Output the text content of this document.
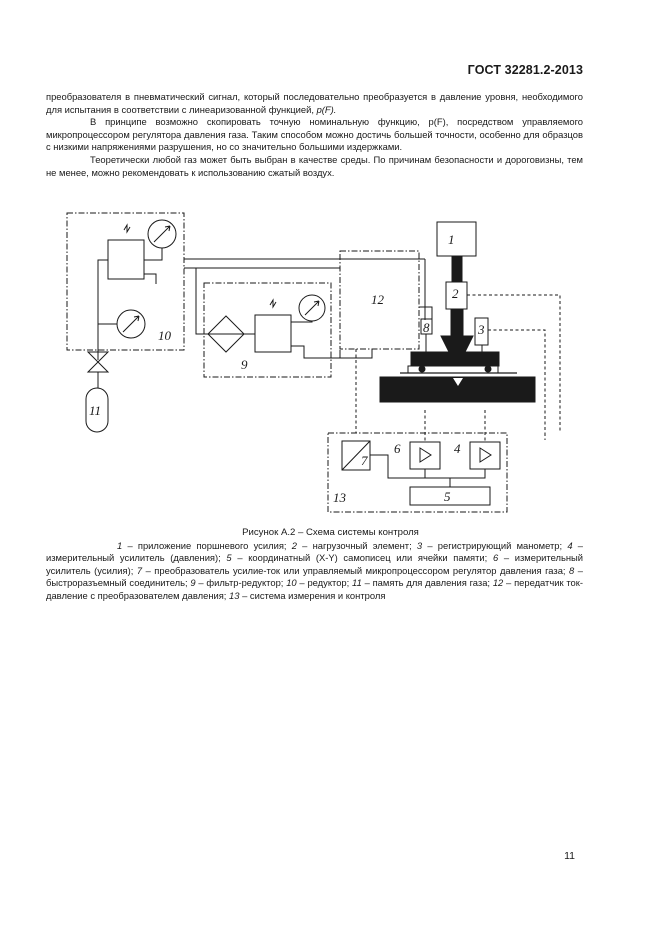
ГОСТ 32281.2-2013

преобразователя в пневматический сигнал, который последовательно преобразуется в давление уровня, необходимого для испытания в соответствии с линеаризованной функцией, p(F).

В принципе возможно скопировать точную номинальную функцию, p(F), посредством управляемого микропроцессором регулятора давления газа. Таким способом можно достичь большей точности, особенно для образцов с низкими напряжениями разрушения, но со значительно большими издержками.

Теоретически любой газ может быть выбран в качестве среды. По причинам безопасности и дороговизны, тем не менее, можно рекомендовать к использованию сжатый воздух.

1
2
3
4
5
6
7
8
9
10
11
12
13
Рисунок А.2 – Схема системы контроля
1 – приложение поршневого усилия; 2 – нагрузочный элемент; 3 – регистрирующий манометр; 4 – измерительный усилитель (давления); 5 – координатный (X-Y) самописец или ячейки памяти; 6 – измерительный усилитель (усилия); 7 – преобразователь усилие-ток или управляемый микропроцессором регулятор давления газа; 8 – быстроразъемный соединитель; 9 – фильтр-редуктор; 10 – редуктор; 11 – память для давления газа; 12 – передатчик ток-давление с преобразователем давления; 13 – система измерения и контроля
11
